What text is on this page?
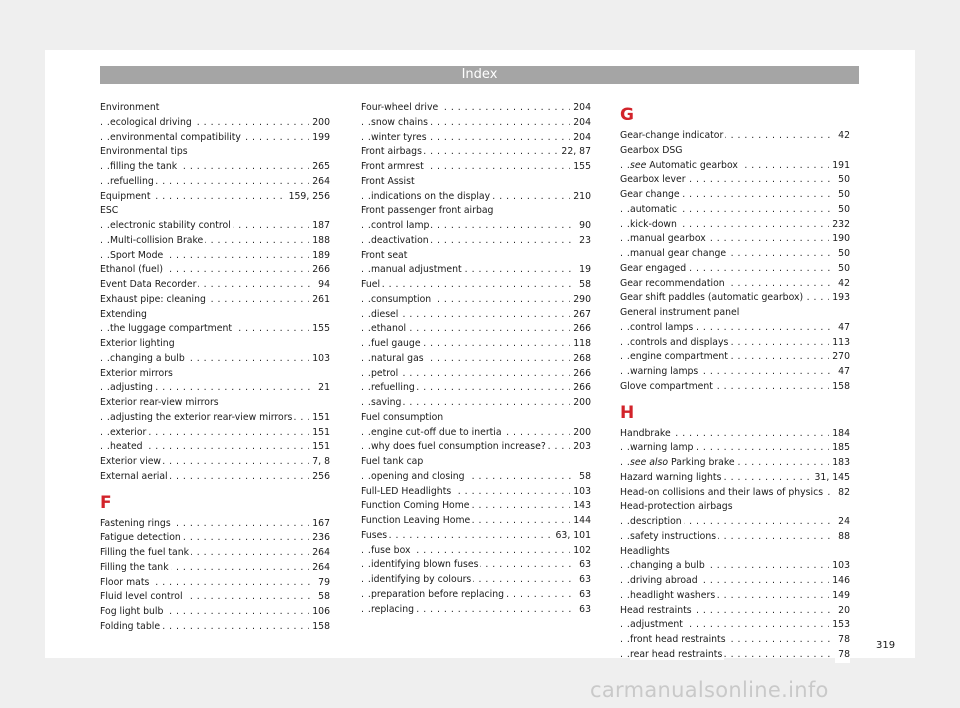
Index
Environment
ecological driving	200
. . .
environmental compatibility	199
. . .
Environmental tips
filling the tank	265
. . .
refuelling	264
. . .
Equipment	159, 256
. . .
ESC
electronic stability control	187
. . .
Multi-collision Brake	188
. . .
Sport Mode	189
. . .
Ethanol (fuel)	266
. . .
Event Data Recorder	94
. . .
Exhaust pipe: cleaning	261
. . .
Extending
the luggage compartment	155
. . .
Exterior lighting
changing a bulb	103
. . .
Exterior mirrors
adjusting	21
. . .
Exterior rear-view mirrors
adjusting the exterior rear-view mirrors	151
. . .
exterior	151
. . .
heated	151
. . .
Exterior view	7, 8
. . .
External aerial	256
. . .
F
Fastening rings	167
. . .
Fatigue detection	236
. . .
Filling the fuel tank	264
. . .
Filling the tank	264
. . .
Floor mats	79
. . .
Fluid level control	58
. . .
Fog light bulb	106
. . .
Folding table	158
. . .
Four-wheel drive	204
. . .
snow chains	204
. . .
winter tyres	204
. . .
Front airbags	22, 87
. . .
Front armrest	155
. . .
Front Assist
indications on the display	210
. . .
Front passenger front airbag
control lamp	90
. . .
deactivation	23
. . .
Front seat
manual adjustment	19
. . .
Fuel	58
. . .
consumption	290
. . .
diesel	267
. . .
ethanol	266
. . .
fuel gauge	118
. . .
natural gas	268
. . .
petrol	266
. . .
refuelling	266
. . .
saving	200
. . .
Fuel consumption
engine cut-off due to inertia	200
. . .
why does fuel consumption increase?	203
. . .
Fuel tank cap
opening and closing	58
. . .
Full-LED Headlights	103
. . .
Function Coming Home	143
. . .
Function Leaving Home	144
. . .
Fuses	63, 101
. . .
fuse box	102
. . .
identifying blown fuses	63
. . .
identifying by colours	63
. . .
preparation before replacing	63
. . .
replacing	63
. . .
G
Gear-change indicator	42
. . .
Gearbox DSG
see Automatic gearbox	191
. . .
Gearbox lever	50
. . .
Gear change	50
. . .
automatic	50
. . .
kick-down	232
. . .
manual gearbox	190
. . .
manual gear change	50
. . .
Gear engaged	50
. . .
Gear recommendation	42
. . .
Gear shift paddles (automatic gearbox)	193
. . .
General instrument panel
control lamps	47
. . .
controls and displays	113
. . .
engine compartment	270
. . .
warning lamps	47
. . .
Glove compartment	158
. . .
H
Handbrake	184
. . .
warning lamp	185
. . .
see also Parking brake	183
. . .
Hazard warning lights	31, 145
. . .
Head-on collisions and their laws of physics	82
. . .
Head-protection airbags
description	24
. . .
safety instructions	88
. . .
Headlights
changing a bulb	103
. . .
driving abroad	146
. . .
headlight washers	149
. . .
Head restraints	20
. . .
adjustment	153
. . .
front head restraints	78
. . .
rear head restraints	78
. . .
319
carmanualsonline.info
